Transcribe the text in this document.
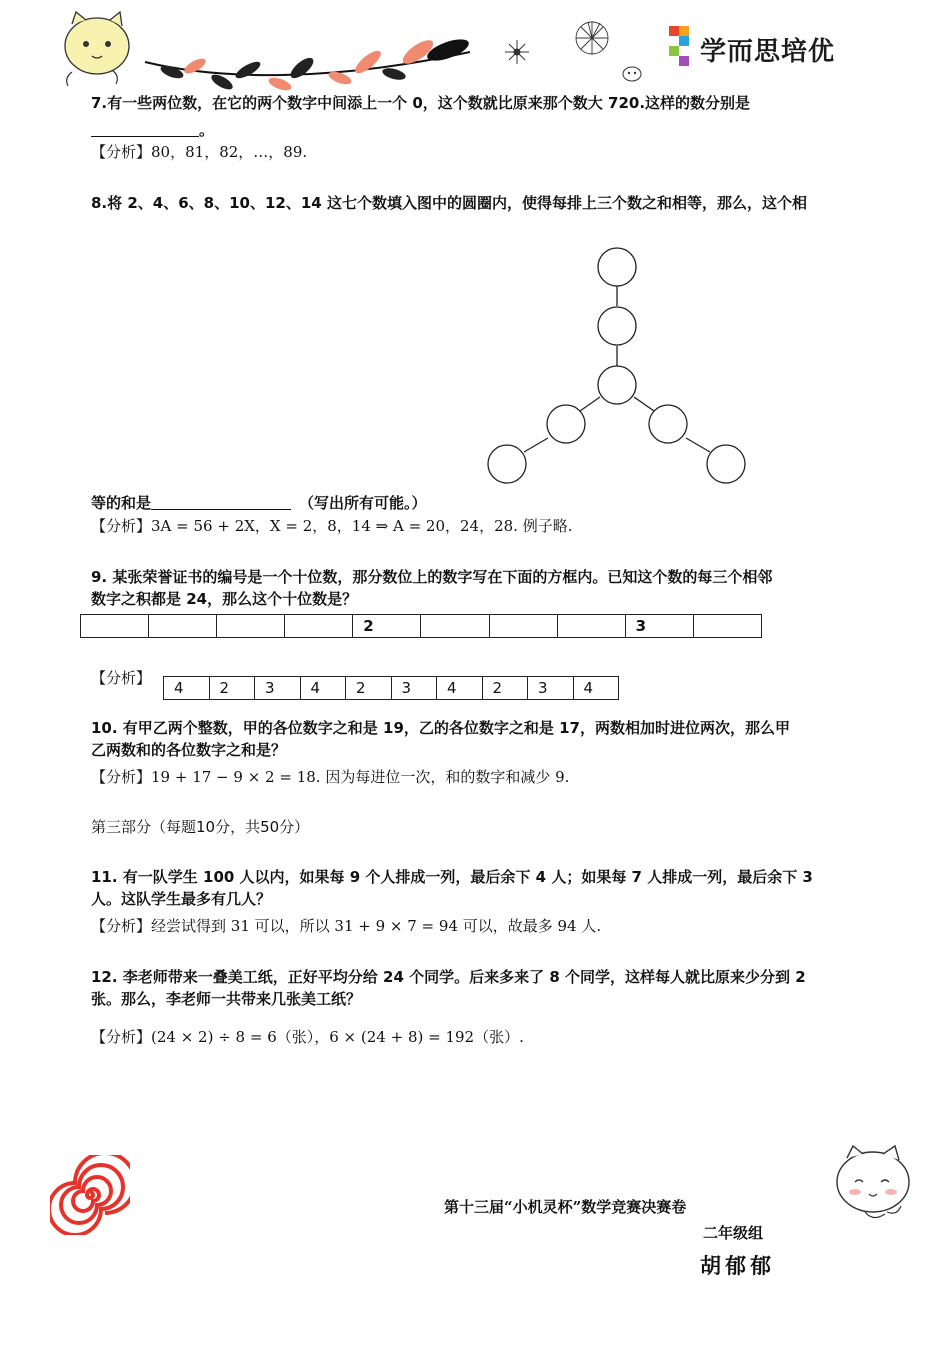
学而思培优
7.有一些两位数，在它的两个数字中间添上一个 0，这个数就比原来那个数大 720.这样的数分别是
。
【分析】80，81，82，…，89.
8.将 2、4、6、8、10、12、14 这七个数填入图中的圆圈内，使得每排上三个数之和相等，那么，这个相
等的和是	（写出所有可能。）
【分析】3A = 56 + 2X，X = 2，8，14 ⇒ A = 20，24，28. 例子略.
9. 某张荣誉证书的编号是一个十位数，那分数位上的数字写在下面的方框内。已知这个数的每三个相邻
数字之积都是 24，那么这个十位数是？
				2				3	
【分析】
4	2	3	4	2	3	4	2	3	4
10. 有甲乙两个整数，甲的各位数字之和是 19，乙的各位数字之和是 17，两数相加时进位两次，那么甲
乙两数和的各位数字之和是？
【分析】19 + 17 − 9 × 2 = 18. 因为每进位一次，和的数字和减少 9.
第三部分（每题10分，共50分）
11. 有一队学生 100 人以内，如果每 9 个人排成一列，最后余下 4 人；如果每 7 人排成一列，最后余下 3
人。这队学生最多有几人？
【分析】经尝试得到 31 可以，所以 31 + 9 × 7 = 94 可以，故最多 94 人.
12. 李老师带来一叠美工纸，正好平均分给 24 个同学。后来多来了 8 个同学，这样每人就比原来少分到 2
张。那么，李老师一共带来几张美工纸？
【分析】(24 × 2) ÷ 8 = 6（张），6 × (24 + 8) = 192（张）.
第十三届“小机灵杯”数学竞赛决赛卷
二年级组
胡郁郁
